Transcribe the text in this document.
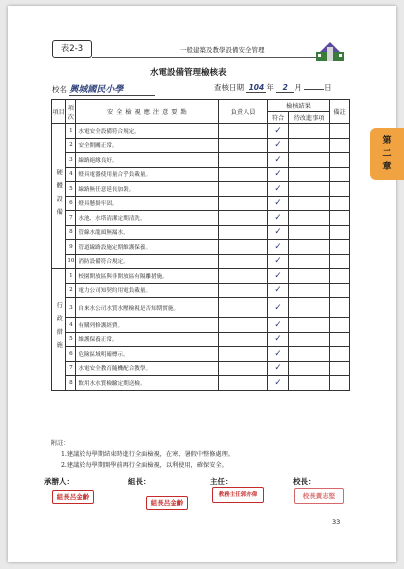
表2-3	一般建築及教學設備安全管理
水電設備管理檢核表
校名 興城國民小學	查核日期 104 年 2 月	日
第
二
章
項目	項次	安全檢視應注意要點	負責人員	檢核結果		備註
				符合	待改進事項	
硬體設備	1	水電安全設備符合規定。		✓		
	2	安全開關正常。		✓		
	3	線路絕緣良好。		✓		
	4	燈具電器使用量合乎負載量。		✓		
	5	線路無任意延長加裝。		✓		
	6	燈具懸掛牢固。		✓		
	7	水池、水塔清潔定期清洗。		✓		
	8	管線水龍頭無漏水。		✓		
	9	管道線路設施定期維護保養。		✓		
	10	消防設備符合規定。		✓		
行政措施	1	校園開放區與非開放區有隔離措施。		✓		
	2	電力公司知契約用電負載量。		✓		
	3	自來水公司水質水壓檢視是否知期實施。		✓		
	4	有購列修護經費。		✓		
	5	維護保養正常。		✓		
	6	危險區域明確標示。		✓		
	7	水電安全教育隨機配合教學。		✓		
	8	飲用水水質檢驗定期送檢。		✓		
附註：
1.建議於每學期結束時進行全面檢視，在寒、暑假中整修處理。
2.建議於每學期開學前再行全面檢視，以利使用，確保安全。
承辦人：	組長：	主任：	校長：
組長呂金齡
組長呂金齡
教務主任郭亦偉	校長黃志堅
33
